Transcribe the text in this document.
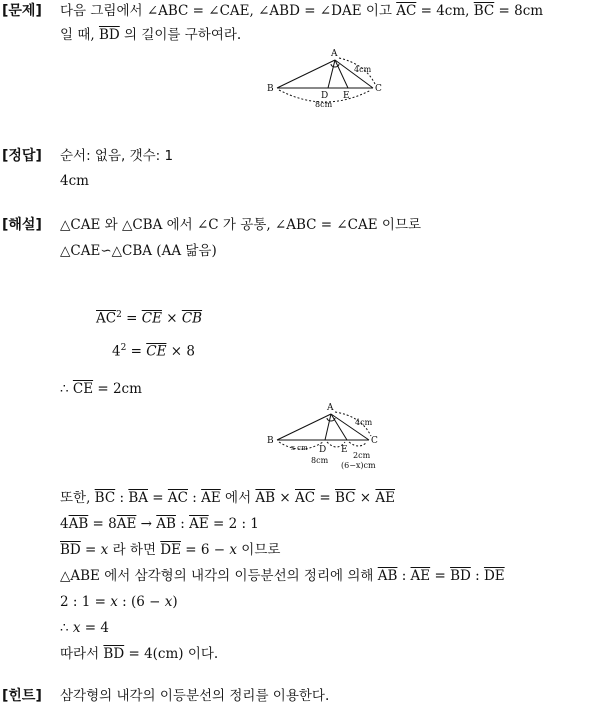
[문제] 다음 그림에서 ∠ABC = ∠CAE, ∠ABD = ∠DAE 이고 $\overline{AC} = 4cm$, $\overline{BC} = 8cm$
일 때, $\overline{BD}$ 의 길이를 구하여라.
A
B	C
D E
4cm
8cm
[정답] 순서: 없음, 갯수: 1
4cm
[해설] △CAE 와 △CBA 에서 ∠C 가 공통, ∠ABC = ∠CAE 이므로
△CAE∽△CBA (AA 닮음)
$\overline{AC}^2 = \overline{CE} \times \overline{CB}$
$4^2 = \overline{CE} \times 8$
∴ $\overline{CE} = 2cm$
A
B	C
D E
4cm
x cm
2cm
(6−x)cm
8cm
또한, $\overline{BC}$ : $\overline{BA} = \overline{AC}$ : $\overline{AE}$ 에서 $\overline{AB} \times \overline{AC} = \overline{BC} \times \overline{AE}$
$4\overline{AB} = 8\overline{AE} \to \overline{AB}$ : $\overline{AE} = 2$ : 1
$\overline{BD} = x$ 라 하면 $\overline{DE} = 6 - x$ 이므로
△ABE 에서 삼각형의 내각의 이등분선의 정리에 의해 $\overline{AB}$ : $\overline{AE} = \overline{BD}$ : $\overline{DE}$
2 : 1 = x : (6 − x)
∴ x = 4
따라서 $\overline{BD} = 4(cm)$ 이다.
[힌트] 삼각형의 내각의 이등분선의 정리를 이용한다.
